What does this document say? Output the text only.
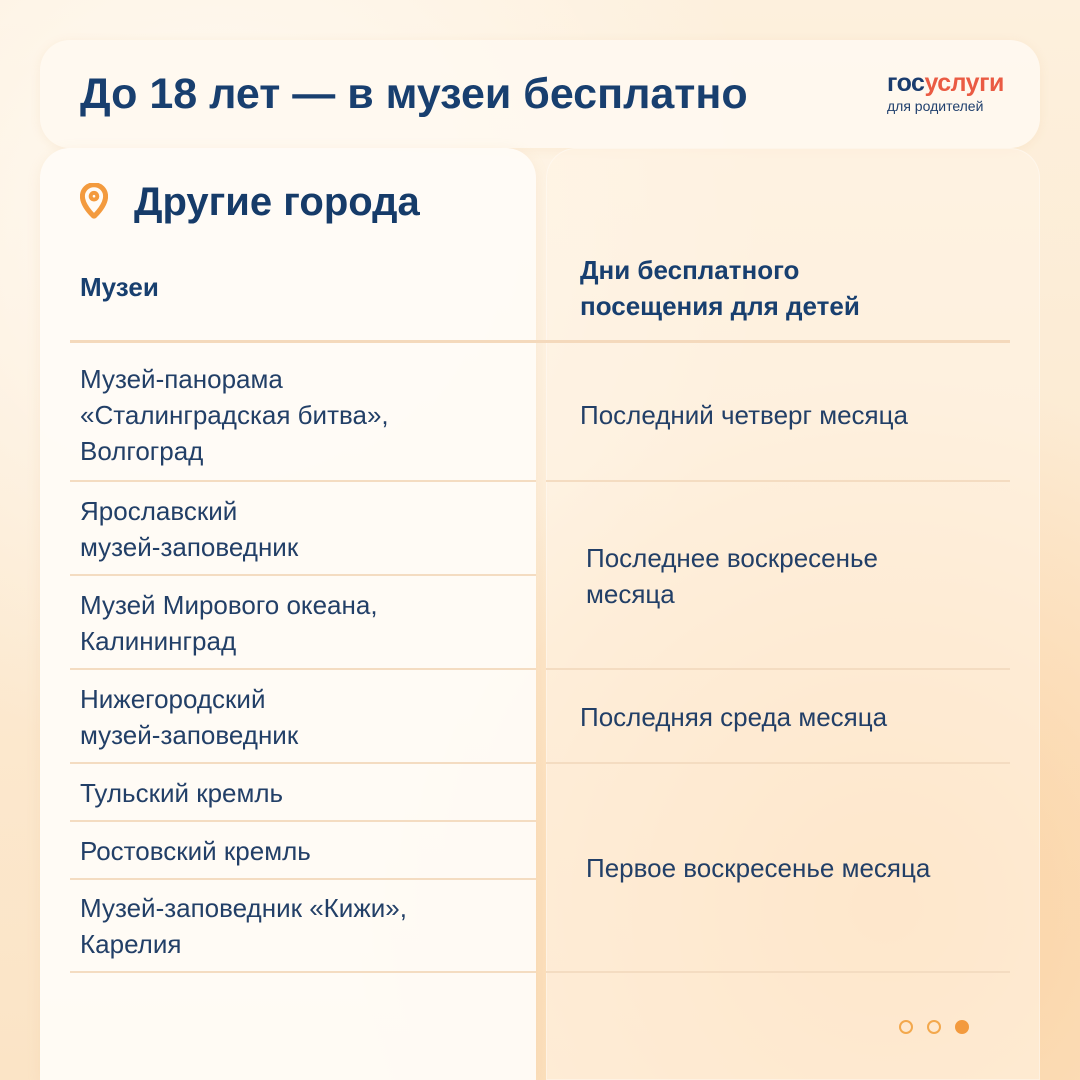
До 18 лет — в музеи бесплатно	госуслуги
для родителей
Другие города
Музеи
Дни бесплатного
посещения для детей
Музей-панорама
«Сталинградская битва»,
Волгоград
Ярославский
музей-заповедник
Музей Мирового океана,
Калининград
Нижегородский
музей-заповедник
Тульский кремль
Ростовский кремль
Музей-заповедник «Кижи»,
Карелия
Последний четверг месяца
Последнее воскресенье
месяца
Последняя среда месяца
Первое воскресенье месяца
